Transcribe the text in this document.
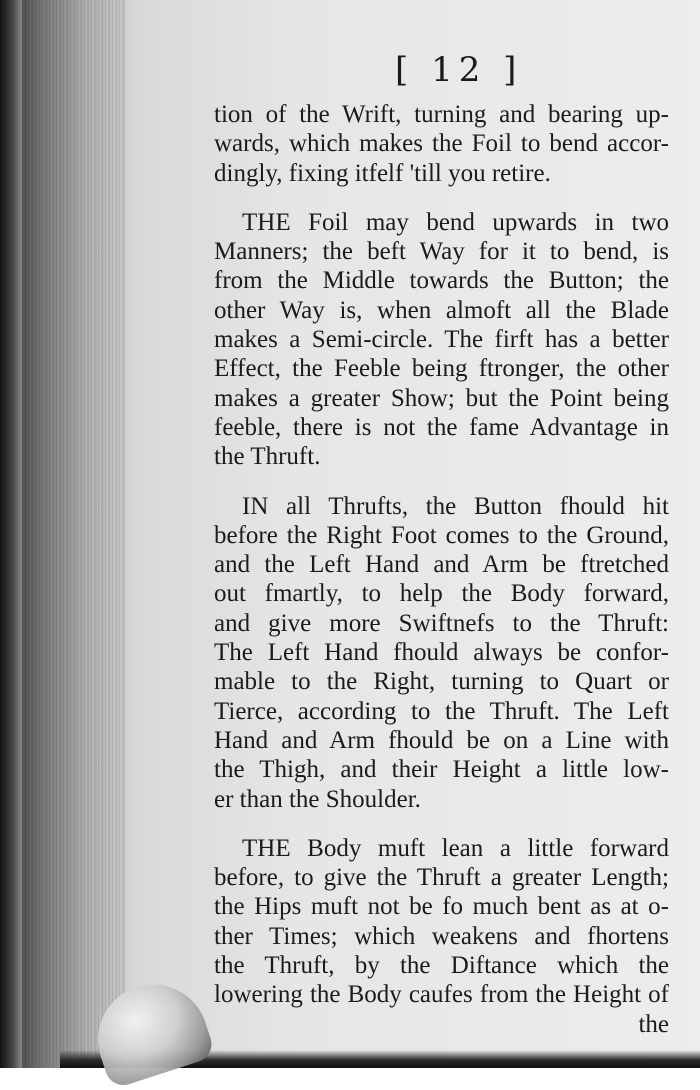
[ 12 ]
tion of the Wrift, turning and bearing up-
wards, which makes the Foil to bend accor-
dingly, fixing itfelf 'till you retire.
THE Foil may bend upwards in two
Manners; the beft Way for it to bend, is
from the Middle towards the Button; the
other Way is, when almoft all the Blade
makes a Semi-circle. The firft has a better
Effect, the Feeble being ftronger, the other
makes a greater Show; but the Point being
feeble, there is not the fame Advantage in
the Thruft.
IN all Thrufts, the Button fhould hit
before the Right Foot comes to the Ground,
and the Left Hand and Arm be ftretched
out fmartly, to help the Body forward,
and give more Swiftnefs to the Thruft:
The Left Hand fhould always be confor-
mable to the Right, turning to Quart or
Tierce, according to the Thruft. The Left
Hand and Arm fhould be on a Line with
the Thigh, and their Height a little low-
er than the Shoulder.
THE Body muft lean a little forward
before, to give the Thruft a greater Length;
the Hips muft not be fo much bent as at o-
ther Times; which weakens and fhortens
the Thruft, by the Diftance which the
lowering the Body caufes from the Height of
the
